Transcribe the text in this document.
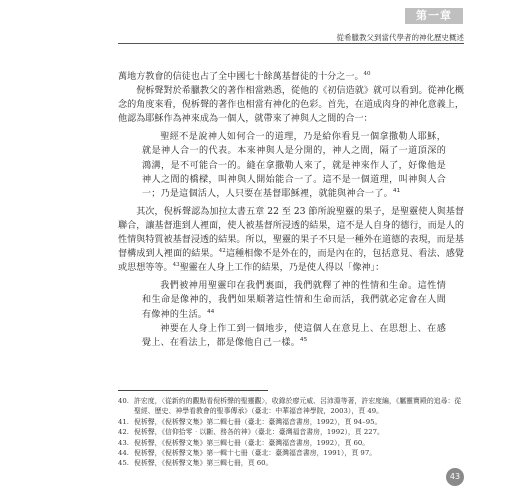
第一章
從希臘教父到當代學者的神化歷史概述

萬地方教會的信徒也占了全中國七十餘萬基督徒的十分之一。$^{40}$

倪柝聲對於希臘教父的著作相當熟悉，從他的《初信造就》就可以看到。從神化概念的角度來看，倪柝聲的著作也相當有神化的色彩。首先，在道成肉身的神化意義上，他認為耶穌作為神來成為一個人，就帶來了神與人之間的合一：

聖經不是說神人如何合一的道理，乃是給你看見一個拿撒勒人耶穌，就是神人合一的代表。本來神與人是分開的，神人之間，隔了一道頂深的鴻溝，是不可能合一的。縫在拿撒勒人來了，就是神來作人了，好像他是神人之間的橋樑，叫神與人開始能合一了。這不是一個道理，叫神與人合一；乃是這個活人，人只要在基督耶穌裡，就能與神合一了。$^{41}$

其次，倪柝聲認為加拉太書五章 22 至 23 節所說聖靈的果子，是聖靈使人與基督聯合，讓基督進到人裡面，使人被基督所浸透的結果，這不是人自身的德行，而是人的性情與特質被基督浸透的結果。所以，聖靈的果子不只是一種外在道德的表現，而是基督構成到人裡面的結果。$^{42}$這種相像不是外在的，而是內在的，包括意見、看法、感覺或思想等等。$^{43}$聖靈在人身上工作的結果，乃是使人得以「像神」：

我們被神用聖靈印在我們裏面，我們就釋了神的性情和生命。這性情和生命是像神的，我們如果順著這性情和生命而活，我們就必定會在人間有像神的生活。$^{44}$

神要在人身上作工到一個地步，使這個人在意見上、在思想上、在感覺上、在看法上，都是像他自己一樣。$^{45}$

40. 許宏度，〈從新約的觀點看倪柝聲的聖靈觀〉，收錄於廖元威、呂沛淵等著，許宏度編，《屬靈寶殿的追尋：從聖經、歷史、神學看教會的聖事傳承》（臺北：中華福音神學院，2003），頁 49。
41. 倪柝聲，《倪柝聲文集》第二輯七冊（臺北：臺灣福音書房，1992），頁 94–95。
42. 倪柝聲，《信仰拾零‧以斷、務各的神》（臺北：臺灣福音書房，1992），頁 227。
43. 倪柝聲，《倪柝聲文集》第三輯七冊（臺北：臺灣福音書房，1992），頁 60。
44. 倪柝聲，《倪柝聲文集》第一輯十七冊（臺北：臺灣福音書房，1991），頁 97。
45. 倪柝聲，《倪柝聲文集》第三輯七冊，頁 60。
43
